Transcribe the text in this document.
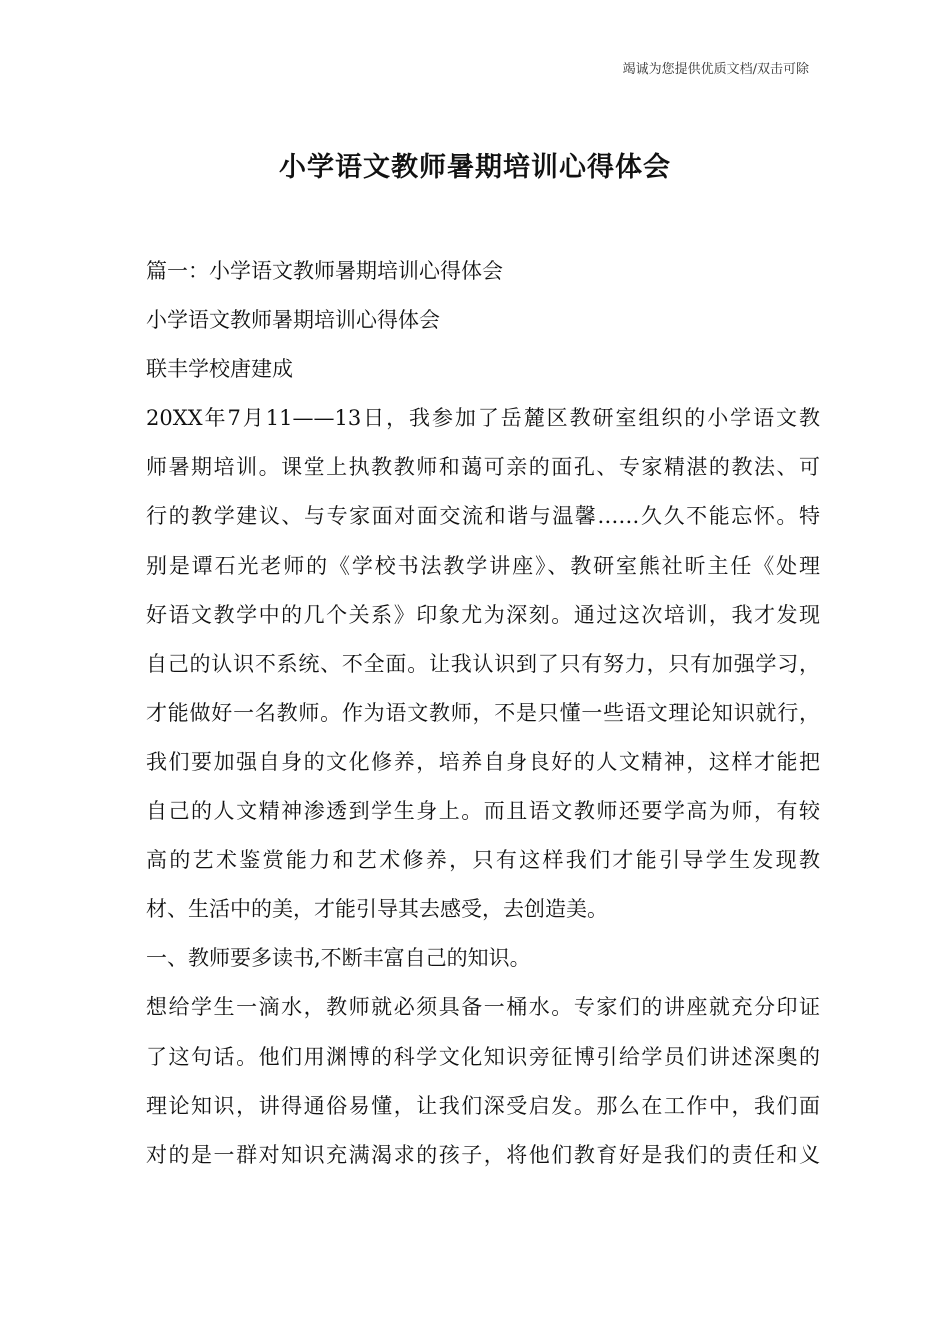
竭诚为您提供优质文档/双击可除
小学语文教师暑期培训心得体会
篇一：小学语文教师暑期培训心得体会
小学语文教师暑期培训心得体会
联丰学校唐建成
20XX年7月11——13日，我参加了岳麓区教研室组织的小学语文教
师暑期培训。课堂上执教教师和蔼可亲的面孔、专家精湛的教法、可
行的教学建议、与专家面对面交流和谐与温馨……久久不能忘怀。特
别是谭石光老师的《学校书法教学讲座》、教研室熊社昕主任《处理
好语文教学中的几个关系》印象尤为深刻。通过这次培训，我才发现
自己的认识不系统、不全面。让我认识到了只有努力，只有加强学习，
才能做好一名教师。作为语文教师，不是只懂一些语文理论知识就行，
我们要加强自身的文化修养，培养自身良好的人文精神，这样才能把
自己的人文精神渗透到学生身上。而且语文教师还要学高为师，有较
高的艺术鉴赏能力和艺术修养，只有这样我们才能引导学生发现教
材、生活中的美，才能引导其去感受，去创造美。
一、教师要多读书,不断丰富自己的知识。
想给学生一滴水，教师就必须具备一桶水。专家们的讲座就充分印证
了这句话。他们用渊博的科学文化知识旁征博引给学员们讲述深奥的
理论知识，讲得通俗易懂，让我们深受启发。那么在工作中，我们面
对的是一群对知识充满渴求的孩子，将他们教育好是我们的责任和义
